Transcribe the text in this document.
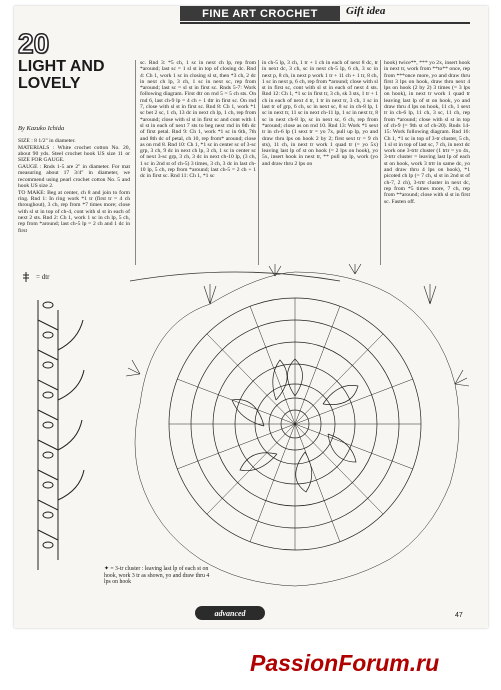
FINE ART CROCHET	Gift idea
20
LIGHT AND LOVELY
By Kazuko Ichida

SIZE : 8 1/2" in diameter.

MATERIALS : White crochet cotton No. 20, about 90 yds. Steel crochet hook US size 11 or SIZE FOR GAUGE.

GAUGE : Rnds 1-5 are 2" in diameter. For mat measuring about 17 3/4" in diameter, we recommend using pearl crochet cotton No. 5 and hook US size 2.

TO MAKE: Beg at center, ch 8 and join to form ring. Rnd 1: In ring work *1 tr (first tr = 4 ch throughout), 3 ch, rep from *7 times more; close with sl st in top of ch-4, cont with sl st in each of next 2 sts. Rnd 2: Ch 1, work 1 sc in ch lp, 5 ch, rep from *around; last ch-5 lp = 2 ch and 1 dc in first

sc. Rnd 3: *5 ch, 1 sc in next ch lp, rep from *around; last sc = 1 sl st in top of closing dc. Rnd 4: Ch 1, work 1 sc in closing sl st, then *3 ch, 2 dc in next ch lp, 3 ch, 1 sc in next sc, rep from *around; last sc = sl st in first sc. Rnds 5-7: Work following diagram. First dtr on rnd 5 = 5 ch sts. On rnd 6, last ch-9 lp = 4 ch + 1 dtr in first sc. On rnd 7, close with sl st in first sc. Rnd 8: Ch 1, work *1 sc bet 2 sc, 1 ch, 13 dc in next ch lp, 1 ch, rep from *around; close with sl st in first sc and cont with 1 sl st in each of next 7 sts to beg next rnd in 6th dc of first petal. Rnd 9: Ch 1, work *1 sc in 6th, 7th and 8th dc of petal, ch 10, rep from* around; close as on rnd 8. Rnd 10: Ch 1, *1 sc in center sc of 3-sc grp, 3 ch, 9 dc in next ch lp, 3 ch, 1 sc in center sc of next 3-sc grp, 3 ch, 3 dc in next ch-10 lp, (3 ch, 1 sc in 2nd st of ch-5) 3 times, 3 ch, 3 dc in last ch-10 lp, 5 ch, rep from *around; last ch-5 = 2 ch + 1 dc in first sc. Rnd 11: Ch 1, *1 sc

in ch-5 lp, 3 ch, 1 tr + 1 ch in each of next 8 dc, tr in next dc, 3 ch, sc in next ch-5 lp, 6 ch, 3 sc in next p, 8 ch, in next p work 1 tr + 11 ch + 1 tr, 8 ch, 1 sc in next p, 6 ch, rep from *around; close with sl st in first sc, cont with sl st in each of next 4 sts. Rnd 12: Ch 1, *1 sc in first tr, 3 ch, sk 3 sts, 1 tr + 1 ch in each of next 4 tr, 1 tr in next tr, 3 ch, 1 sc in last tr of grp, 6 ch, sc in next sc, 8 sc in ch-8 lp, 1 sc in next tr, 11 sc in next ch-11 lp, 1 sc in next tr, 8 sc in next ch-8 lp, sc in next sc, 6 ch, rep from *around; close as on rnd 10. Rnd 13: Work *1 sext tr in ch-6 lp (1 sext tr = yo 7x, pull up lp, yo and draw thru lps on hook 2 by 2; first sext tr = 9 ch sts), 11 ch, in next tr work 1 quad tr (= yo 5x) leaving last lp of st on hook (= 2 lps on hook), yo 5x, insert hook in next tr, ** pull up lp, work (yo and draw thru 2 lps on

hook) twice**, *** yo 2x, insert hook in next tr, work from **to** once, rep from ***once more, yo and draw thru first 3 lps on hook, draw thru next 4 lps on hook (2 by 2) 3 times (= 3 lps on hook), in next tr work 1 quad tr leaving last lp of st on hook, yo and draw thru 4 lps on hook, 11 ch, 1 sext tr in ch-6 lp, 11 ch, 3 sc, 11 ch, rep from *around; close with sl st in top of ch-9 (= 9th st of ch-20). Rnds 14-15: Work following diagram. Rnd 16: Ch 1, *1 sc in top of 3-tr cluster, 5 ch, 1 sl st in top of last sc, 7 ch, in next dc work one 3-trtr cluster (1 trtr = yo 4x, 3-trtr cluster = leaving last lp of each st on hook, work 3 trtr in same dc, yo and draw thru 4 lps on hook), *1 picoted ch lp (= 7 ch, sl st in 2nd st of ch-7, 2 ch), 3-trtr cluster in next dc, rep from *5 times more, 7 ch, rep from **around; close with sl st in first sc. Fasten off.

= dtr
✦ = 3-tr cluster : leaving last lp of each st on hook, work 3 tr as shown, yo and draw thru 4 lps on hook
advanced	47
PassionForum.ru
